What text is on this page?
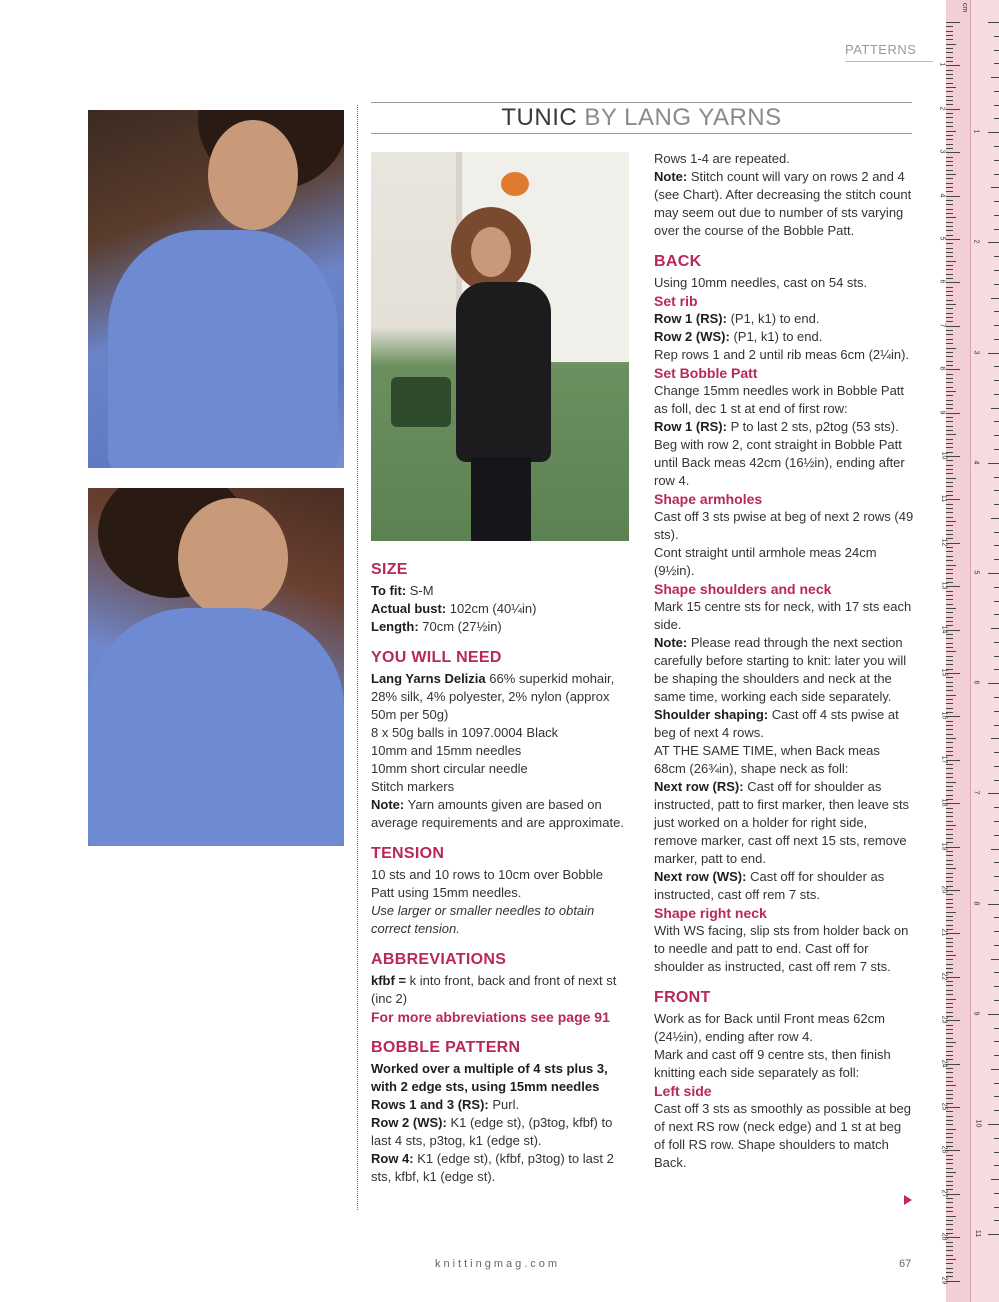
PATTERNS
TUNIC BY LANG YARNS
SIZE

To fit: S-M

Actual bust: 102cm (40¼in)

Length: 70cm (27½in)

YOU WILL NEED

Lang Yarns Delizia 66% superkid mohair, 28% silk, 4% polyester, 2% nylon (approx 50m per 50g)

8 x 50g balls in 1097.0004 Black

10mm and 15mm needles

10mm short circular needle

Stitch markers

Note: Yarn amounts given are based on average requirements and are approximate.

TENSION

10 sts and 10 rows to 10cm over Bobble Patt using 15mm needles.

Use larger or smaller needles to obtain correct tension.

ABBREVIATIONS

kfbf = k into front, back and front of next st (inc 2)

For more abbreviations see page 91

BOBBLE PATTERN

Worked over a multiple of 4 sts plus 3, with 2 edge sts, using 15mm needles

Rows 1 and 3 (RS): Purl.

Row 2 (WS): K1 (edge st), (p3tog, kfbf) to last 4 sts, p3tog, k1 (edge st).

Row 4: K1 (edge st), (kfbf, p3tog) to last 2 sts, kfbf, k1 (edge st).

Rows 1-4 are repeated.

Note: Stitch count will vary on rows 2 and 4 (see Chart). After decreasing the stitch count may seem out due to number of sts varying over the course of the Bobble Patt.

BACK

Using 10mm needles, cast on 54 sts.

Set rib

Row 1 (RS): (P1, k1) to end.

Row 2 (WS): (P1, k1) to end.

Rep rows 1 and 2 until rib meas 6cm (2¼in).

Set Bobble Patt

Change 15mm needles work in Bobble Patt as foll, dec 1 st at end of first row:

Row 1 (RS): P to last 2 sts, p2tog (53 sts).

Beg with row 2, cont straight in Bobble Patt until Back meas 42cm (16½in), ending after row 4.

Shape armholes

Cast off 3 sts pwise at beg of next 2 rows (49 sts).

Cont straight until armhole meas 24cm (9½in).

Shape shoulders and neck

Mark 15 centre sts for neck, with 17 sts each side.

Note: Please read through the next section carefully before starting to knit: later you will be shaping the shoulders and neck at the same time, working each side separately.

Shoulder shaping: Cast off 4 sts pwise at beg of next 4 rows.

AT THE SAME TIME, when Back meas 68cm (26¾in), shape neck as foll:

Next row (RS): Cast off for shoulder as instructed, patt to first marker, then leave sts just worked on a holder for right side, remove marker, cast off next 15 sts, remove marker, patt to end.

Next row (WS): Cast off for shoulder as instructed, cast off rem 7 sts.

Shape right neck

With WS facing, slip sts from holder back on to needle and patt to end. Cast off for shoulder as instructed, cast off rem 7 sts.

FRONT

Work as for Back until Front meas 62cm (24½in), ending after row 4.

Mark and cast off 9 centre sts, then finish knitting each side separately as foll:

Left side

Cast off 3 sts as smoothly as possible at beg of next RS row (neck edge) and 1 st at beg of foll RS row. Shape shoulders to match Back.

knittingmag.com	67
cm
1
2
3
4
5
6
7
8
9
10
11
12
13
14
15
16
17
18
19
20
21
22
23
24
25
26
27
28
29
1
2
3
4
5
6
7
8
9
10
11
